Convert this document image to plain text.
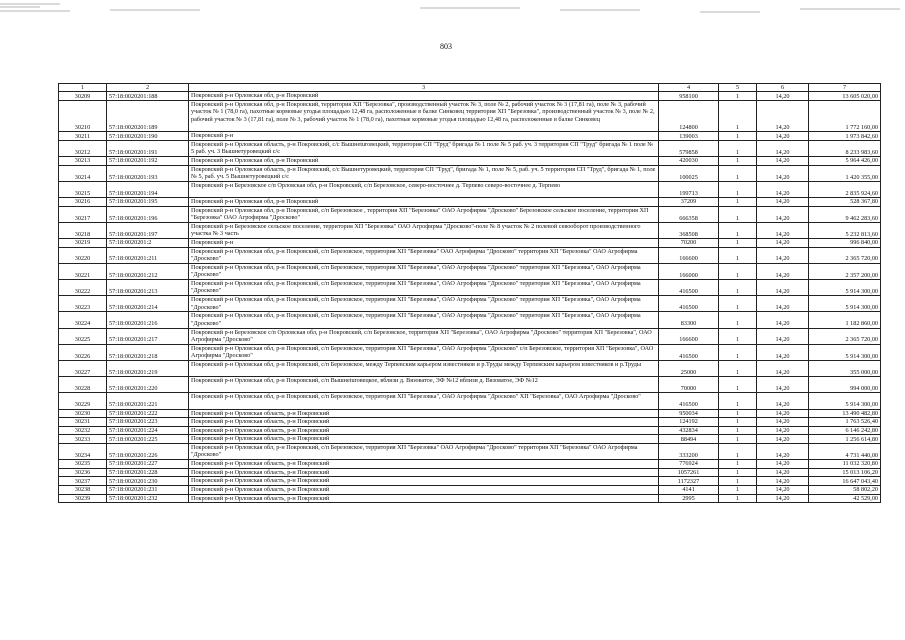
803
1	2	3	4	5	6	7
30209	57:18:0020201:188	Покровский р-н Орловская обл, р-н Покровский	958100	1	14,20	13 605 020,00
30210	57:18:0020201:189	Покровский р-н Орловская обл, р-н Покровский, территория ХП "Березовка", производственный участок № 3, поле № 2, рабочий участок № 3 (17,81 га), поле № 3, рабочий участок № 1 (78,0 га), пахотные кормовые угодья площадью 12,48 га, расположенные в балке Синковец территория ХП "Березовка", производственный участок № 3, поле № 2, рабочий участок № 3 (17,81 га), поле № 3, рабочий участок № 1 (78,0 га), пахотные кормовые угодья площадью 12,48 га, расположенные в балке Синковец	124800	1	14,20	1 772 160,00
30211	57:18:0020201:190	Покровский р-н	139003	1	14,20	1 973 842,60
30212	57:18:0020201:191	Покровский р-н Орловская область, р-н Покровский, с/с Вышнеturовецкий, территория СП "Труд" бригада № 1 поле № 5 раб. уч. 3 территория СП "Труд" бригада № 1 поле № 5 раб. уч. 3 Вышнетуровецкий с/с	579858	1	14,20	8 233 983,60
30213	57:18:0020201:192	Покровский р-н Орловская обл, р-н Покровский	420030	1	14,20	5 964 426,00
30214	57:18:0020201:193	Покровский р-н Орловская область, р-н Покровский, с/с Вышнетуровецкий, территория СП "Труд", бригада № 1, поле № 5, раб. уч. 5 территория СП "Труд", бригада № 1, поле № 5, раб. уч. 5 Вышнетуровецкий с/с	100025	1	14,20	1 420 355,00
30215	57:18:0020201:194	Покровский р-н Березовское с/п Орловская обл, р-н Покровский, с/п Березовское, северо-восточнее д. Терпево северо-восточнее д. Терпево	199713	1	14,20	2 835 924,60
30216	57:18:0020201:195	Покровский р-н Орловская обл, р-н Покровский	37209	1	14,20	528 367,80
30217	57:18:0020201:196	Покровский р-н Орловская обл, р-н Покровский, с/п Березовское , территория ХП "Березовка" ОАО Агрофирма "Дросково" Березовское сельское поселение, территория ХП "Березовка" ОАО Агрофирма "Дросково"	666358	1	14,20	9 462 283,60
30218	57:18:0020201:197	Покровский р-н Березовское сельское поселение, территория ХП "Березовка" ОАО Агрофирма "Дросково"-поле № 8 участок № 2 полевой севооборот производственного участка № 3 часть	368508	1	14,20	5 232 813,60
30219	57:18:0020201:2	Покровский р-н	70200	1	14,20	996 840,00
30220	57:18:0020201:211	Покровский р-н Орловская обл, р-н Покровский, с/п Березовское, территория ХП "Березовка" ОАО Агрофирма "Дросково" территория ХП "Березовка" ОАО Агрофирма "Дросково"	166600	1	14,20	2 365 720,00
30221	57:18:0020201:212	Покровский р-н Орловская обл, р-н Покровский, с/п Березовское, территория ХП "Березовка", ОАО Агрофирма "Дросково" территория ХП "Березовка", ОАО Агрофирма "Дросково"	166000	1	14,20	2 357 200,00
30222	57:18:0020201:213	Покровский р-н Орловская обл, р-н Покровский, с/п Березовское, территория ХП "Березовка", ОАО Агрофирма "Дросково" территория ХП "Березовка", ОАО Агрофирма "Дросково"	416500	1	14,20	5 914 300,00
30223	57:18:0020201:214	Покровский р-н Орловская обл, р-н Покровский, с/п Березовское, территория ХП "Березовка", ОАО Агрофирма "Дросково" территория ХП "Березовка", ОАО Агрофирма "Дросково"	416500	1	14,20	5 914 300,00
30224	57:18:0020201:216	Покровский р-н Орловская обл, р-н Покровский, с/п Березовское, территория ХП "Березовка", ОАО Агрофирма "Дросково" территория ХП "Березовка", ОАО Агрофирма "Дросково"	83300	1	14,20	1 182 860,00
30225	57:18:0020201:217	Покровский р-н Березовское с/п Орловская обл, р-н Покровский, с/п Березовское, территория ХП "Березовка", ОАО Агрофирма "Дросково" территория ХП "Березовка", ОАО Агрофирма "Дросково"	166600	1	14,20	2 365 720,00
30226	57:18:0020201:218	Покровский р-н Орловская обл, р-н Покровский, с/п Березовское, территория ХП "Березовка", ОАО Агрофирма "Дросково" с/п Березовское, территория ХП "Березовка", ОАО Агрофирма "Дросково"	416500	1	14,20	5 914 300,00
30227	57:18:0020201:219	Покровский р-н Орловская обл, р-н Покровский, с/п Березовское, между Терпевским карьером известняков и р.Труды между Терпевским карьером известняков и р.Труды	25000	1	14,20	355 000,00
30228	57:18:0020201:220	Покровский р-н Орловская обл, р-н Покровский, с/п Вышнеturовецкое, вблизи д. Вязоватое, ЭФ №12 вблизи д. Вязоватое, ЭФ №12	70000	1	14,20	994 000,00
30229	57:18:0020201:221	Покровский р-н Орловская обл, р-н Покровский, с/п Березовское, территория ХП "Березовка", ОАО Агрофирма "Дросково" ХП "Березовка", ОАО Агрофирма "Дросково"	416500	1	14,20	5 914 300,00
30230	57:18:0020201:222	Покровский р-н Орловская область, р-н Покровский	950034	1	14,20	13 490 482,80
30231	57:18:0020201:223	Покровский р-н Орловская область, р-н Покровский	124192	1	14,20	1 763 526,40
30232	57:18:0020201:224	Покровский р-н Орловская область, р-н Покровский	432834	1	14,20	6 146 242,80
30233	57:18:0020201:225	Покровский р-н Орловская область, р-н Покровский	88494	1	14,20	1 256 614,80
30234	57:18:0020201:226	Покровский р-н Орловская обл, р-н Покровский, с/п Березовское, территория ХП "Березовка" ОАО Агрофирма "Дросково" территория ХП "Березовка" ОАО Агрофирма "Дросково"	333200	1	14,20	4 731 440,00
30235	57:18:0020201:227	Покровский р-н Орловская область, р-н Покровский	776924	1	14,20	11 032 320,80
30236	57:18:0020201:228	Покровский р-н Орловская область, р-н Покровский	1057261	1	14,20	15 013 106,20
30237	57:18:0020201:230	Покровский р-н Орловская область, р-н Покровский	1172327	1	14,20	16 647 043,40
30238	57:18:0020201:231	Покровский р-н Орловская область, р-н Покровский	4141	1	14,20	58 802,20
30239	57:18:0020201:232	Покровский р-н Орловская область, р-н Покровский	2995	1	14,20	42 529,00
